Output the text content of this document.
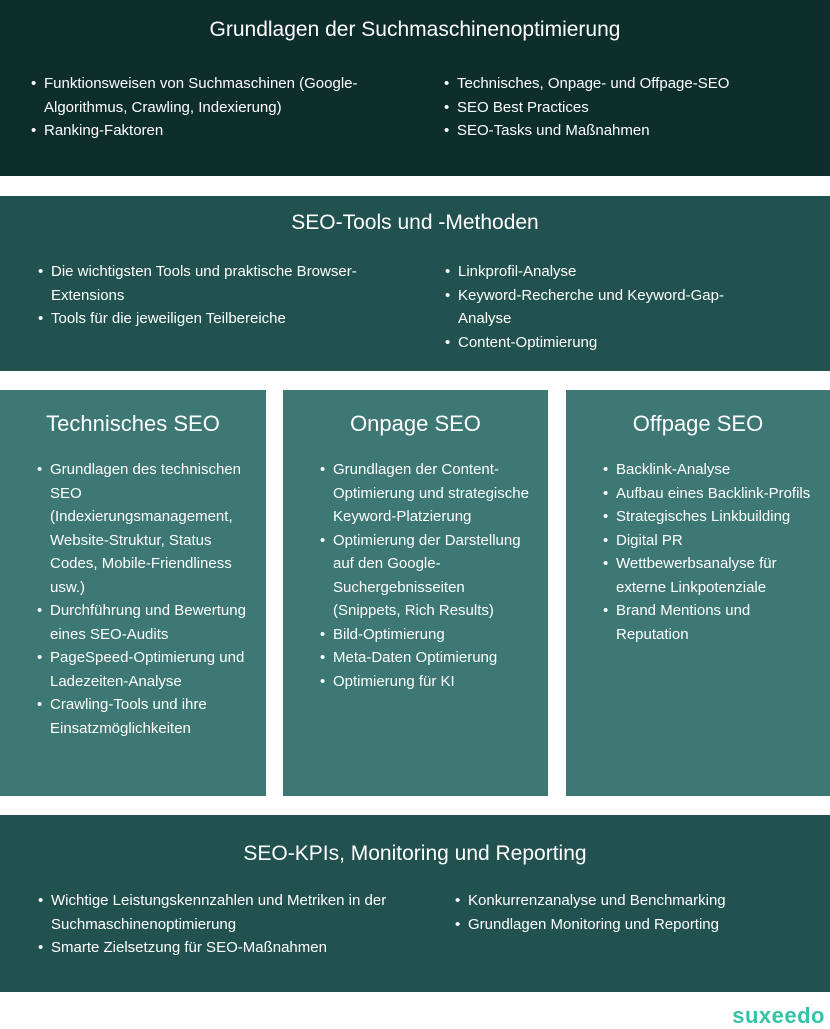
Grundlagen der Suchmaschinenoptimierung
• Funktionsweisen von Suchmaschinen (Google-Algorithmus, Crawling, Indexierung)
• Ranking-Faktoren
• Technisches, Onpage- und Offpage-SEO
• SEO Best Practices
• SEO-Tasks und Maßnahmen
SEO-Tools und -Methoden
• Die wichtigsten Tools und praktische Browser-Extensions
• Tools für die jeweiligen Teilbereiche
• Linkprofil-Analyse
• Keyword-Recherche und Keyword-Gap-Analyse
• Content-Optimierung
Technisches SEO
• Grundlagen des technischen SEO (Indexierungsmanagement, Website-Struktur, Status Codes, Mobile-Friendliness usw.)
• Durchführung und Bewertung eines SEO-Audits
• PageSpeed-Optimierung und Ladezeiten-Analyse
• Crawling-Tools und ihre Einsatzmöglichkeiten
Onpage SEO
• Grundlagen der Content-Optimierung und strategische Keyword-Platzierung
• Optimierung der Darstellung auf den Google-Suchergebnisseiten (Snippets, Rich Results)
• Bild-Optimierung
• Meta-Daten Optimierung
• Optimierung für KI
Offpage SEO
• Backlink-Analyse
• Aufbau eines Backlink-Profils
• Strategisches Linkbuilding
• Digital PR
• Wettbewerbsanalyse für externe Linkpotenziale
• Brand Mentions und Reputation
SEO-KPIs, Monitoring und Reporting
• Wichtige Leistungskennzahlen und Metriken in der Suchmaschinenoptimierung
• Smarte Zielsetzung für SEO-Maßnahmen
• Konkurrenzanalyse und Benchmarking
• Grundlagen Monitoring und Reporting
suxeedo
